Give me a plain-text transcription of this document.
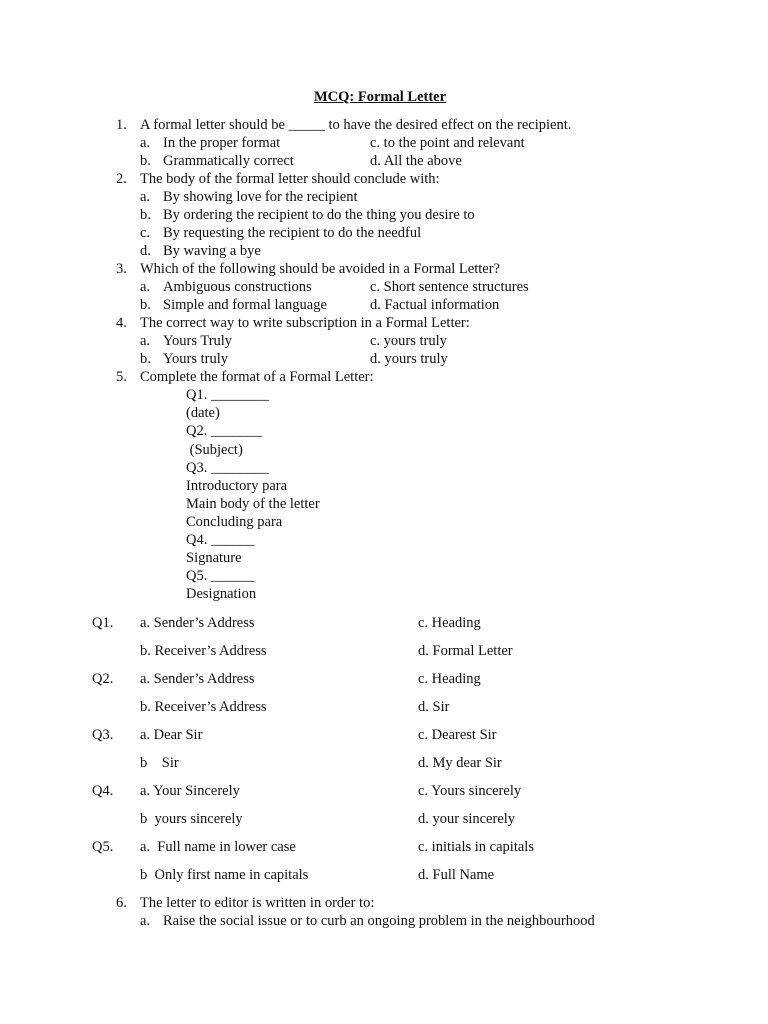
MCQ: Formal Letter
1. A formal letter should be _____ to have the desired effect on the recipient.
a. In the proper format	c. to the point and relevant
b. Grammatically correct	d. All the above
2. The body of the formal letter should conclude with:
a. By showing love for the recipient
b. By ordering the recipient to do the thing you desire to
c. By requesting the recipient to do the needful
d. By waving a bye
3. Which of the following should be avoided in a Formal Letter?
a. Ambiguous constructions	c. Short sentence structures
b. Simple and formal language	d. Factual information
4. The correct way to write subscription in a Formal Letter:
a. Yours Truly	c. yours truly
b. Yours truly	d. yours truly
5. Complete the format of a Formal Letter:
Q1. ________
(date)
Q2. _______
(Subject)
Q3. ________
Introductory para
Main body of the letter
Concluding para
Q4. ______
Signature
Q5. ______
Designation
Q1. a. Sender’s Address	c. Heading
b. Receiver’s Address	d. Formal Letter
Q2. a. Sender’s Address	c. Heading
b. Receiver’s Address	d. Sir
Q3. a. Dear Sir	c. Dearest Sir
b    Sir	d. My dear Sir
Q4. a. Your Sincerely	c. Yours sincerely
b  yours sincerely	d. your sincerely
Q5. a.  Full name in lower case	c. initials in capitals
b  Only first name in capitals	d. Full Name
6. The letter to editor is written in order to:
a. Raise the social issue or to curb an ongoing problem in the neighbourhood
